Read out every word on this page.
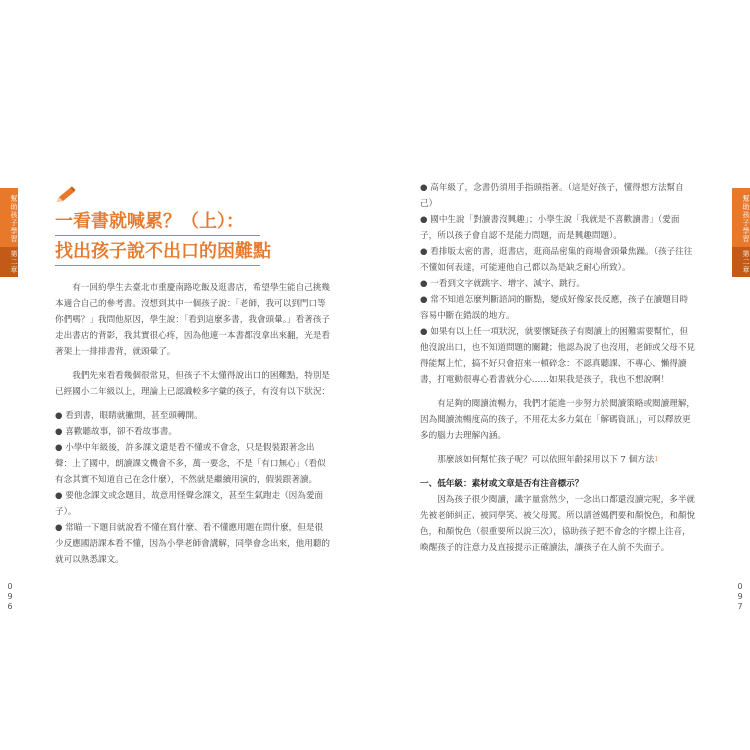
幫助孩子學習
第二章
096
一看書就喊累？（上）：
找出孩子說不出口的困難點

有一回約學生去臺北市重慶南路吃飯及逛書店，希望學生能自己挑幾本適合自己的參考書。沒想到其中一個孩子說：「老師，我可以到門口等你們嗎？」我問他原因，學生說：「看到這麼多書，我會頭暈。」看著孩子走出書店的背影，我其實很心疼，因為他連一本書都沒拿出來翻，光是看著架上一排排書背，就頭暈了。

我們先來看看幾個很常見，但孩子不太懂得說出口的困難點，特別是已經國小二年級以上，理論上已認識較多字彙的孩子，有沒有以下狀況：

● 看到書，眼睛就撇開，甚至頭轉開。

● 喜歡聽故事，卻不看故事書。

● 小學中年級後，許多課文還是看不懂或不會念，只是假裝跟著念出聲：上了國中，朗讀課文機會不多，萬一要念，不是「有口無心」（看似有念其實不知道自己在念什麼），不然就是繼續用演的，假裝跟著讀。

● 要他念課文或念題目，故意用怪聲念課文，甚至生氣跑走（因為愛面子）。

● 常瞄一下題目就說看不懂在寫什麼、看不懂應用題在問什麼，但是很少反應國語課本看不懂，因為小學老師會講解，同學會念出來，他用聽的就可以熟悉課文。

幫助孩子學習
第二章
097

● 高年級了，念書仍須用手指頭指著。（這是好孩子，懂得想方法幫自己）

● 國中生說「對讀書沒興趣」；小學生說「我就是不喜歡讀書」（愛面子，所以孩子會自認不是能力問題，而是興趣問題）。

● 看排版太密的書，逛書店，逛商品密集的商場會頭暈焦躁。（孩子往往不懂如何表達，可能連他自己都以為是缺乏耐心所致）。

● 一看到文字就跳字、增字、減字、跳行。

● 常不知道怎麼判斷語詞的斷點，變成好像家長反應，孩子在讀題目時容易中斷在錯誤的地方。

● 如果有以上任一項狀況，就要懷疑孩子有閱讀上的困難需要幫忙，但他沒說出口，也不知道問題的關鍵；他認為說了也沒用，老師或父母不見得能幫上忙，搞不好只會招來一頓碎念：不認真聽課、不專心、懶得讀書，打電動很專心看書就分心……如果我是孩子，我也不想說啊！

有足夠的閱讀流暢力，我們才能進一步努力於閱讀策略或閱讀理解，因為閱讀流暢度高的孩子，不用花太多力氣在「解碼資訊」，可以釋放更多的腦力去理解內涵。

那麼該如何幫忙孩子呢？可以依照年齡採用以下 7 個方法$^1$

一、低年級：素材或文章是否有注音標示？

因為孩子很少閱讀，識字量當然少，一念出口都還沒讀完呢，多半就先被老師糾正、被同學笑、被父母罵。所以請爸媽們要和顏悅色，和顏悅色，和顏悅色（很重要所以說三次），協助孩子把不會念的字標上注音，喚醒孩子的注意力及直接提示正確讀法，讓孩子在人前不失面子。
